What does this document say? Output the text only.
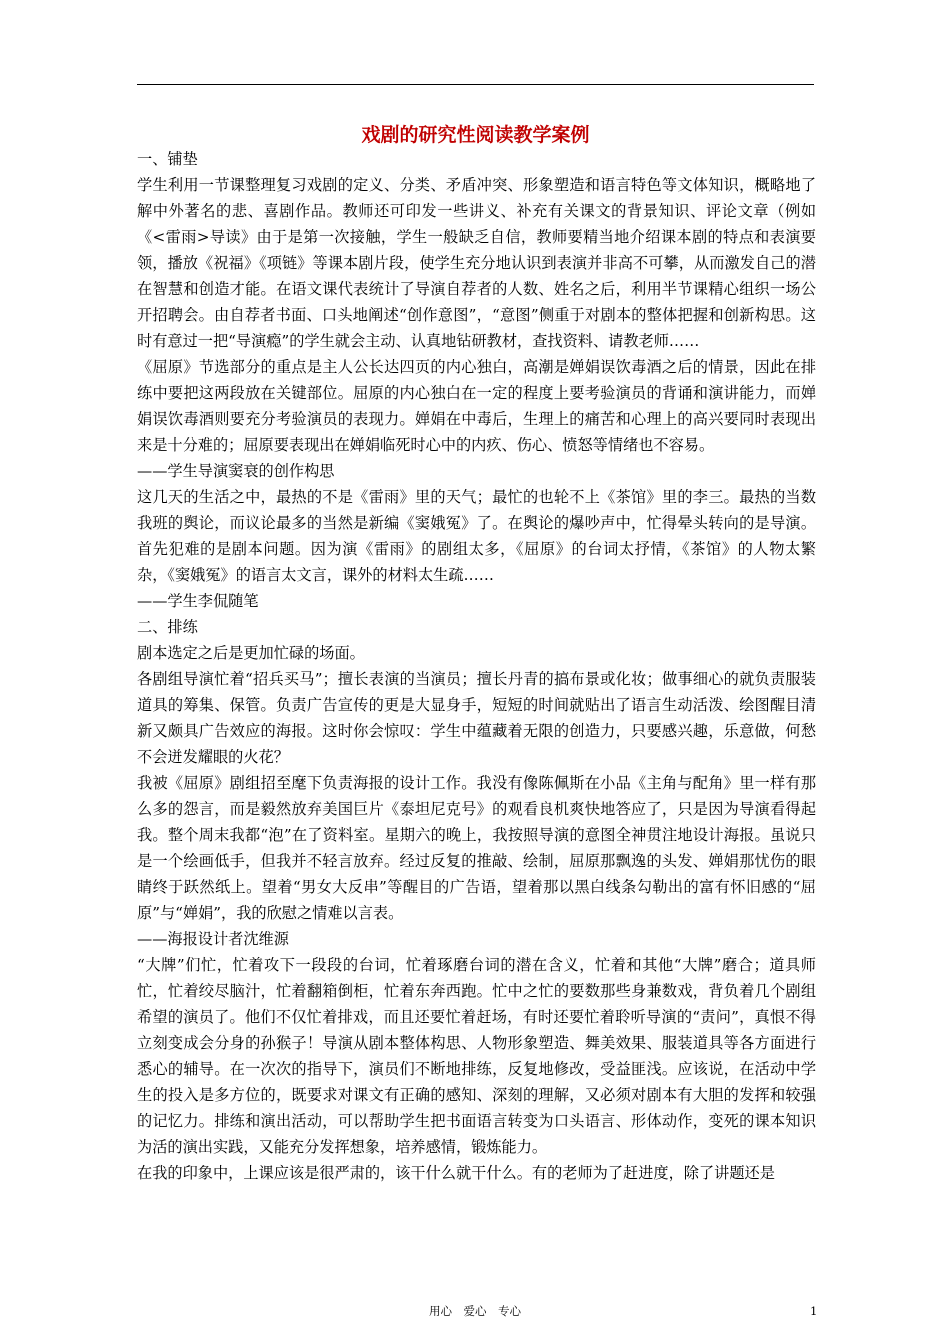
戏剧的研究性阅读教学案例

一、铺垫

学生利用一节课整理复习戏剧的定义、分类、矛盾冲突、形象塑造和语言特色等文体知识，概略地了解中外著名的悲、喜剧作品。教师还可印发一些讲义、补充有关课文的背景知识、评论文章（例如《<雷雨>导读》由于是第一次接触，学生一般缺乏自信，教师要精当地介绍课本剧的特点和表演要领，播放《祝福》《项链》等课本剧片段，使学生充分地认识到表演并非高不可攀，从而激发自己的潜在智慧和创造才能。在语文课代表统计了导演自荐者的人数、姓名之后，利用半节课精心组织一场公开招聘会。由自荐者书面、口头地阐述“创作意图”，“意图”侧重于对剧本的整体把握和创新构思。这时有意过一把“导演瘾”的学生就会主动、认真地钻研教材，查找资料、请教老师……

《屈原》节选部分的重点是主人公长达四页的内心独白，高潮是婵娟误饮毒酒之后的情景，因此在排练中要把这两段放在关键部位。屈原的内心独白在一定的程度上要考验演员的背诵和演讲能力，而婵娟误饮毒酒则要充分考验演员的表现力。婵娟在中毒后，生理上的痛苦和心理上的高兴要同时表现出来是十分难的；屈原要表现出在婵娟临死时心中的内疚、伤心、愤怒等情绪也不容易。

——学生导演窦衰的创作构思

这几天的生活之中，最热的不是《雷雨》里的天气；最忙的也轮不上《茶馆》里的李三。最热的当数我班的舆论，而议论最多的当然是新编《窦娥冤》了。在舆论的爆吵声中，忙得晕头转向的是导演。首先犯难的是剧本问题。因为演《雷雨》的剧组太多，《屈原》的台词太抒情，《茶馆》的人物太繁杂，《窦娥冤》的语言太文言，课外的材料太生疏……

——学生李侃随笔

二、排练

剧本选定之后是更加忙碌的场面。

各剧组导演忙着“招兵买马”；擅长表演的当演员；擅长丹青的搞布景或化妆；做事细心的就负责服装道具的筹集、保管。负责广告宣传的更是大显身手，短短的时间就贴出了语言生动活泼、绘图醒目清新又颇具广告效应的海报。这时你会惊叹：学生中蕴藏着无限的创造力，只要感兴趣，乐意做，何愁不会迸发耀眼的火花？

我被《屈原》剧组招至麾下负责海报的设计工作。我没有像陈佩斯在小品《主角与配角》里一样有那么多的怨言，而是毅然放弃美国巨片《泰坦尼克号》的观看良机爽快地答应了，只是因为导演看得起我。整个周末我都“泡”在了资料室。星期六的晚上，我按照导演的意图全神贯注地设计海报。虽说只是一个绘画低手，但我并不轻言放弃。经过反复的推敲、绘制，屈原那飘逸的头发、婵娟那忧伤的眼睛终于跃然纸上。望着“男女大反串”等醒目的广告语，望着那以黑白线条勾勒出的富有怀旧感的“屈原”与“婵娟”，我的欣慰之情难以言表。

——海报设计者沈维源

“大牌”们忙，忙着攻下一段段的台词，忙着琢磨台词的潜在含义，忙着和其他“大牌”磨合；道具师忙，忙着绞尽脑汁，忙着翻箱倒柜，忙着东奔西跑。忙中之忙的要数那些身兼数戏，背负着几个剧组希望的演员了。他们不仅忙着排戏，而且还要忙着赶场，有时还要忙着聆听导演的“责问”，真恨不得立刻变成会分身的孙猴子！导演从剧本整体构思、人物形象塑造、舞美效果、服装道具等各方面进行悉心的辅导。在一次次的指导下，演员们不断地排练，反复地修改，受益匪浅。应该说，在活动中学生的投入是多方位的，既要求对课文有正确的感知、深刻的理解，又必须对剧本有大胆的发挥和较强的记忆力。排练和演出活动，可以帮助学生把书面语言转变为口头语言、形体动作，变死的课本知识为活的演出实践，又能充分发挥想象，培养感情，锻炼能力。

在我的印象中，上课应该是很严肃的，该干什么就干什么。有的老师为了赶进度，除了讲题还是

用心　爱心　专心	1
